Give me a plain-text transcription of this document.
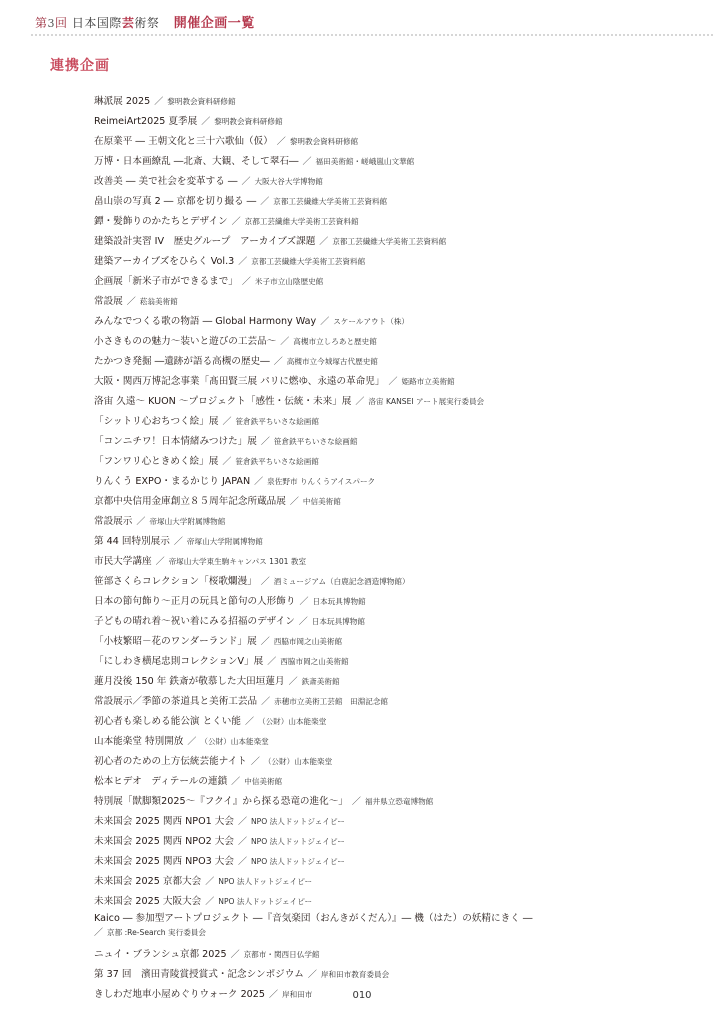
第3回 日本国際芸術祭 開催企画一覧
連携企画
琳派展 2025 ／ 黎明教会資料研修館
ReimeiArt2025 夏季展 ／ 黎明教会資料研修館
在原業平 ― 王朝文化と三十六歌仙（仮） ／ 黎明教会資料研修館
万博・日本画繚乱 ―北斎、大観、そして翠石― ／ 福田美術館・嵯峨嵐山文華館
改善美 ― 美で社会を変革する ― ／ 大阪大谷大学博物館
畠山崇の写真 2 ― 京都を切り撮る ― ／ 京都工芸繊維大学美術工芸資料館
鐔・髪飾りのかたちとデザイン ／ 京都工芸繊維大学美術工芸資料館
建築設計実習 IV　歴史グループ　アーカイブズ課題 ／ 京都工芸繊維大学美術工芸資料館
建築アーカイブズをひらく Vol.3 ／ 京都工芸繊維大学美術工芸資料館
企画展「新米子市ができるまで」 ／ 米子市立山陰歴史館
常設展 ／ 菘翁美術館
みんなでつくる歌の物語 ― Global Harmony Way ／ スケールアウト（株）
小さきものの魅力〜装いと遊びの工芸品〜 ／ 高槻市立しろあと歴史館
たかつき発掘 ―遺跡が語る高槻の歴史― ／ 高槻市立今城塚古代歴史館
大阪・関西万博記念事業「髙田賢三展 パリに燃ゆ、永遠の革命児」 ／ 姫路市立美術館
洛宙 久遠〜 KUON 〜プロジェクト「感性・伝統・未来」展 ／ 洛宙 KANSEI アート展実行委員会
「シットリ心おちつく絵」展 ／ 笹倉鉄平ちいさな絵画館
「コンニチワ！日本情緒みつけた」展 ／ 笹倉鉄平ちいさな絵画館
「フンワリ心ときめく絵」展 ／ 笹倉鉄平ちいさな絵画館
りんくう EXPO・まるかじり JAPAN ／ 泉佐野市 りんくうアイスパーク
京都中央信用金庫創立８５周年記念所蔵品展 ／ 中信美術館
常設展示 ／ 帝塚山大学附属博物館
第 44 回特別展示 ／ 帝塚山大学附属博物館
市民大学講座 ／ 帝塚山大学東生駒キャンパス 1301 教室
笹部さくらコレクション「桜歌爛漫」 ／ 酒ミュージアム（白鹿記念酒造博物館）
日本の節句飾り〜正月の玩具と節句の人形飾り ／ 日本玩具博物館
子どもの晴れ着〜祝い着にみる招福のデザイン ／ 日本玩具博物館
「小枝繁昭－花のワンダーランド」展 ／ 西脇市岡之山美術館
「にしわき横尾忠則コレクションⅤ」展 ／ 西脇市岡之山美術館
蓮月没後 150 年 鉄斎が敬慕した大田垣蓮月 ／ 鉄斎美術館
常設展示／季節の茶道具と美術工芸品 ／ 赤穂市立美術工芸館　田淵記念館
初心者も楽しめる能公演 とくい能 ／ （公財）山本能楽堂
山本能楽堂 特別開放 ／ （公財）山本能楽堂
初心者のための上方伝統芸能ナイト ／ （公財）山本能楽堂
松本ヒデオ　ディテールの連鎖 ／ 中信美術館
特別展「獣脚類2025～『フクイ』から探る恐竜の進化～」 ／ 福井県立恐竜博物館
未来国会 2025 関西 NPO1 大会 ／ NPO 法人ドットジェイピー
未来国会 2025 関西 NPO2 大会 ／ NPO 法人ドットジェイピー
未来国会 2025 関西 NPO3 大会 ／ NPO 法人ドットジェイピー
未来国会 2025 京都大会 ／ NPO 法人ドットジェイピー
未来国会 2025 大阪大会 ／ NPO 法人ドットジェイピー
Kaico ― 参加型アートプロジェクト ―『音気楽団（おんきがくだん）』― 機（はた）の妖精にきく ―
／ 京都 :Re-Search 実行委員会
ニュイ・ブランシュ京都 2025 ／ 京都市・関西日仏学館
第 37 回　濱田青陵賞授賞式・記念シンポジウム ／ 岸和田市教育委員会
きしわだ地車小屋めぐりウォーク 2025 ／ 岸和田市	010
